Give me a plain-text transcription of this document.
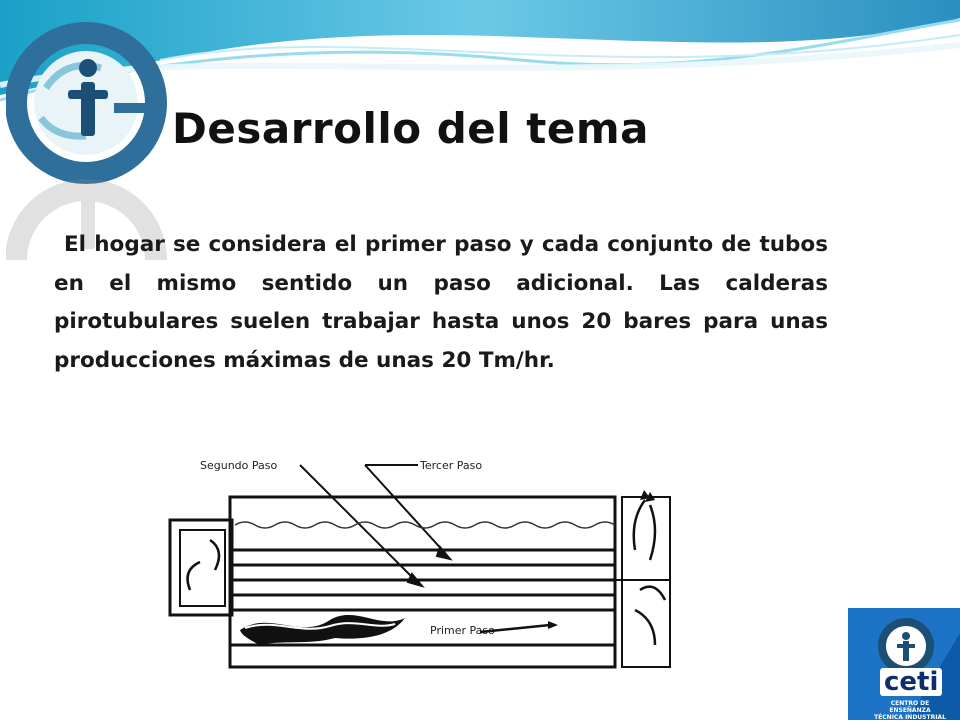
Desarrollo del tema

El hogar se considera el primer paso y cada conjunto de tubos en el mismo sentido un paso adicional. Las calderas pirotubulares suelen trabajar hasta unos 20 bares para unas producciones máximas de unas 20 Tm/hr.

Segundo Paso	Tercer Paso
Primer Paso
ceti
CENTRO DE ENSEÑANZA
TÉCNICA INDUSTRIAL
